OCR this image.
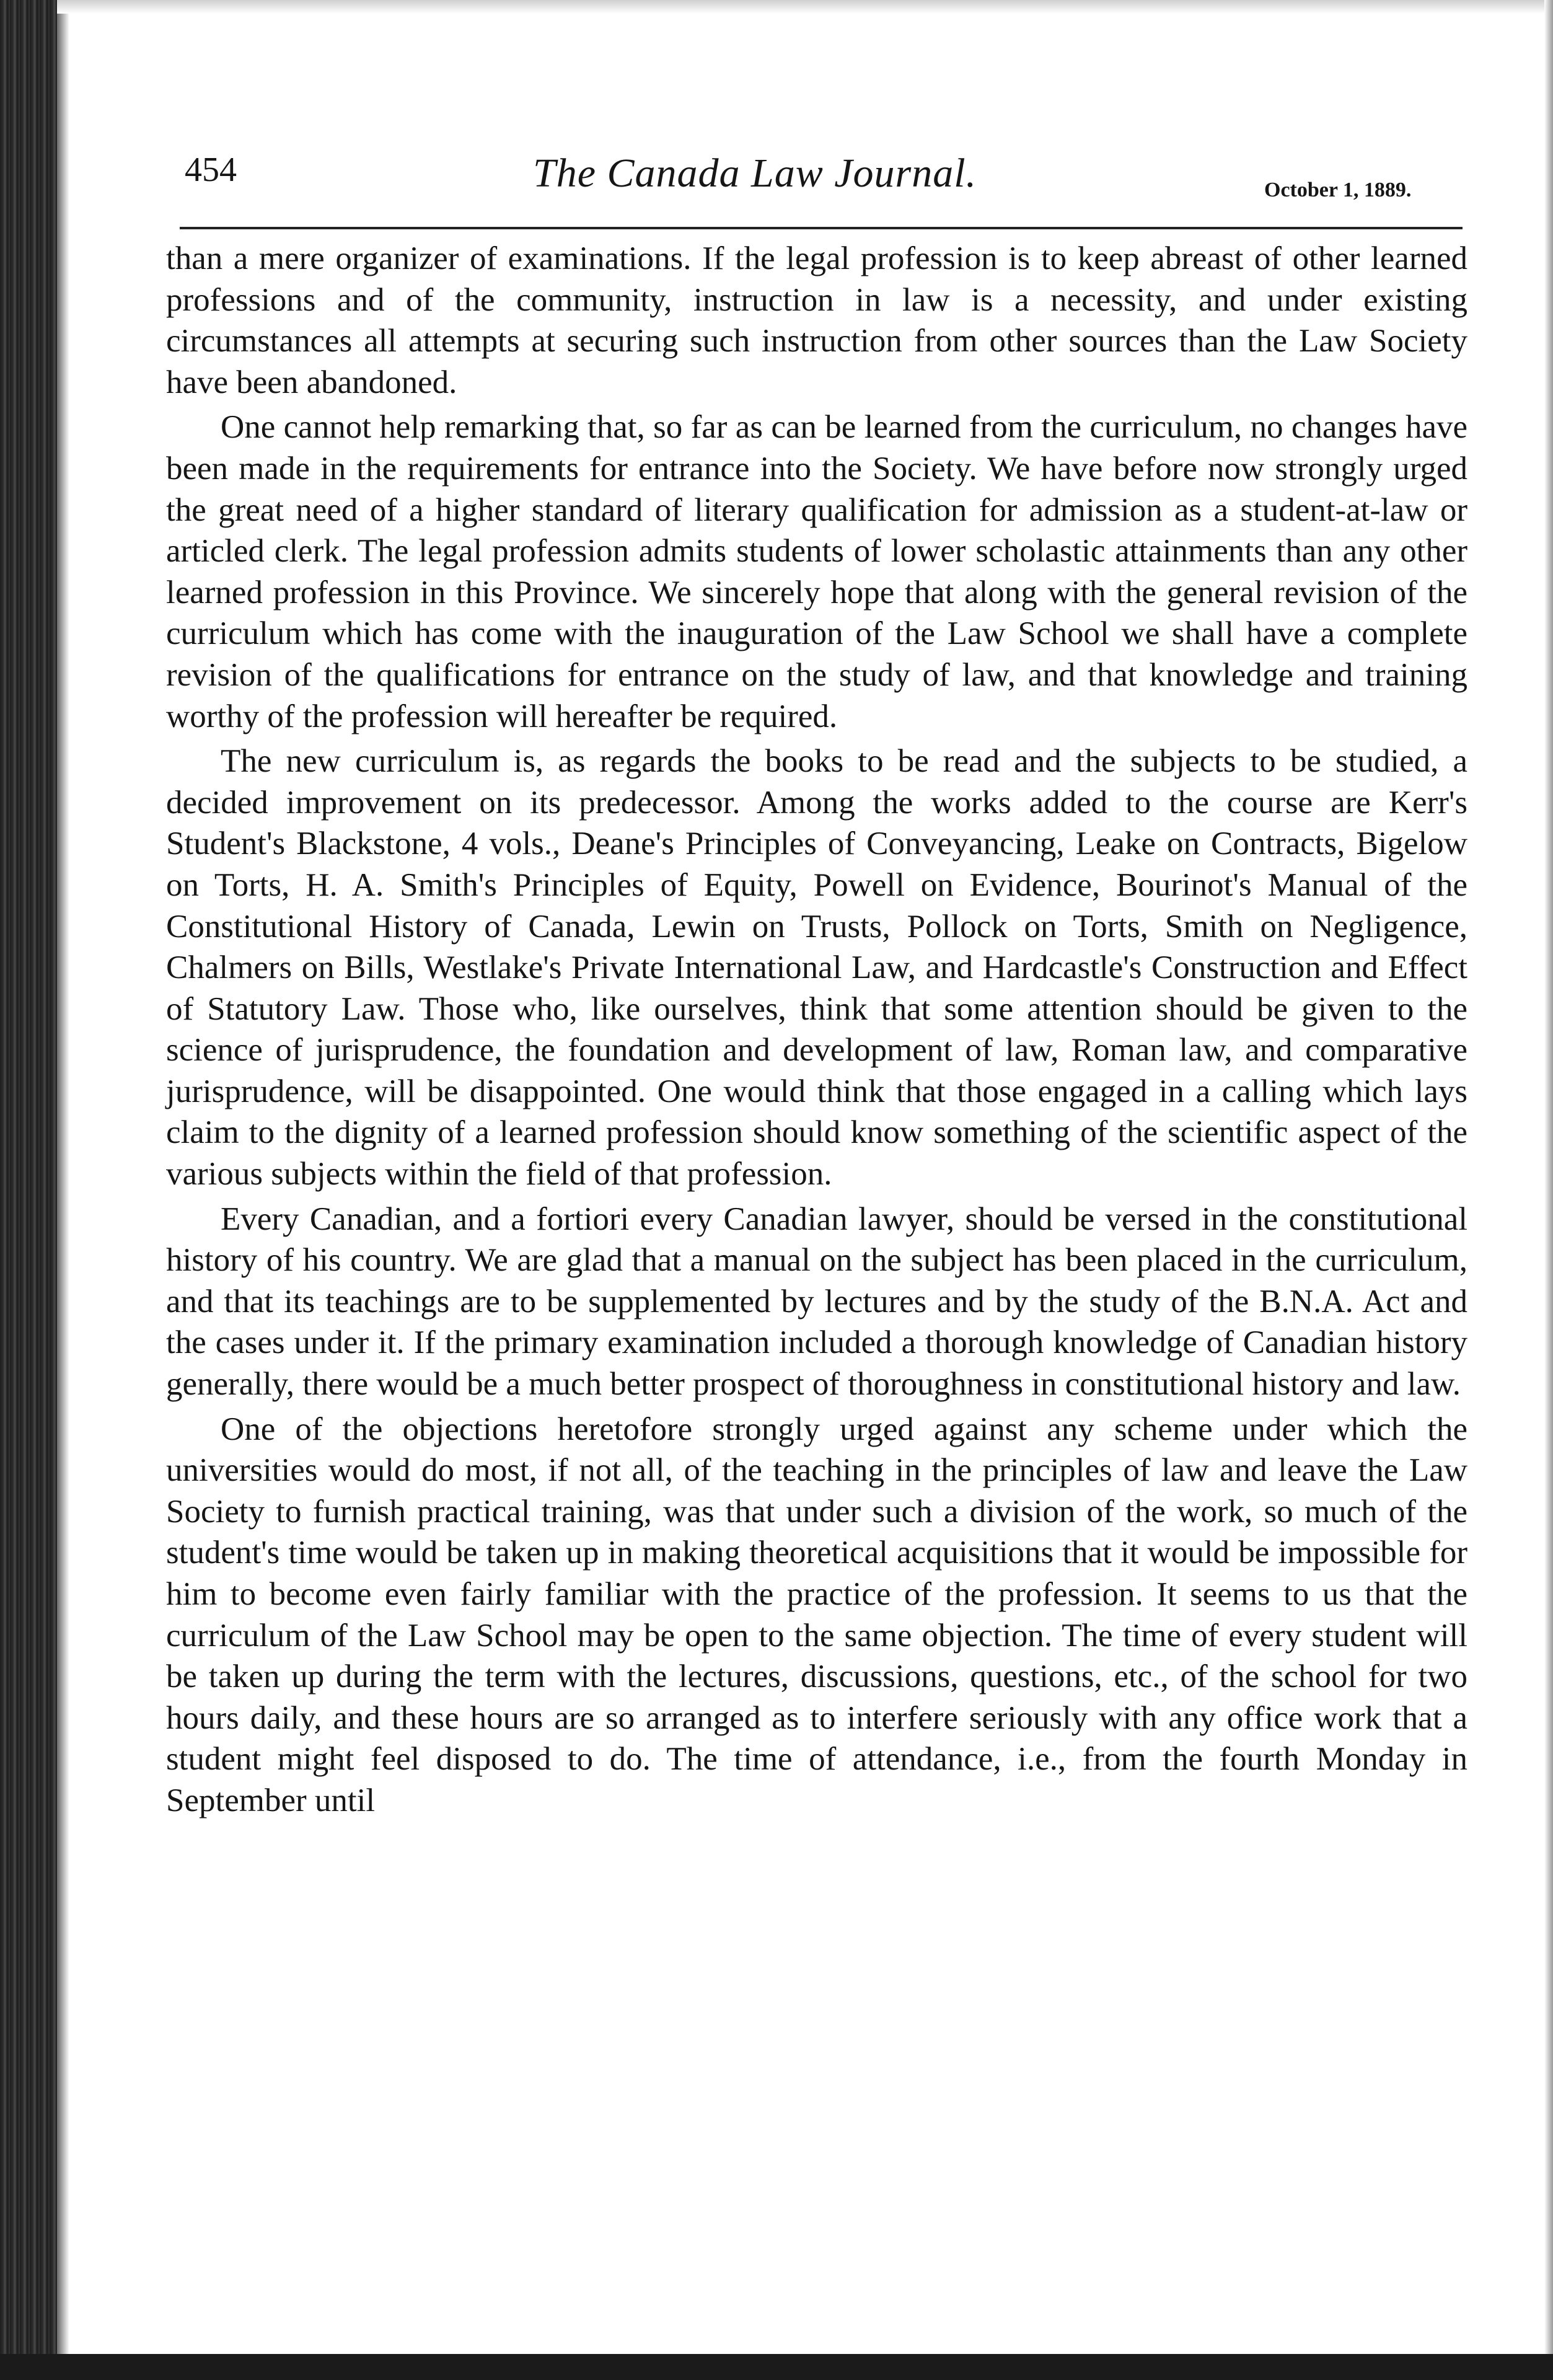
454	The Canada Law Journal.	October 1, 1889.

than a mere organizer of examinations. If the legal profession is to keep abreast of other learned professions and of the community, instruction in law is a necessity, and under existing circumstances all attempts at securing such instruction from other sources than the Law Society have been abandoned.

One cannot help remarking that, so far as can be learned from the curriculum, no changes have been made in the requirements for entrance into the Society. We have before now strongly urged the great need of a higher standard of literary qualification for admission as a student-at-law or articled clerk. The legal profession admits students of lower scholastic attainments than any other learned profession in this Province. We sincerely hope that along with the general revision of the curriculum which has come with the inauguration of the Law School we shall have a complete revision of the qualifications for entrance on the study of law, and that knowledge and training worthy of the profession will hereafter be required.

The new curriculum is, as regards the books to be read and the subjects to be studied, a decided improvement on its predecessor. Among the works added to the course are Kerr's Student's Blackstone, 4 vols., Deane's Principles of Conveyancing, Leake on Contracts, Bigelow on Torts, H. A. Smith's Principles of Equity, Powell on Evidence, Bourinot's Manual of the Constitutional History of Canada, Lewin on Trusts, Pollock on Torts, Smith on Negligence, Chalmers on Bills, Westlake's Private International Law, and Hardcastle's Construction and Effect of Statutory Law. Those who, like ourselves, think that some attention should be given to the science of jurisprudence, the foundation and development of law, Roman law, and comparative jurisprudence, will be disappointed. One would think that those engaged in a calling which lays claim to the dignity of a learned profession should know something of the scientific aspect of the various subjects within the field of that profession.

Every Canadian, and a fortiori every Canadian lawyer, should be versed in the constitutional history of his country. We are glad that a manual on the subject has been placed in the curriculum, and that its teachings are to be supplemented by lectures and by the study of the B.N.A. Act and the cases under it. If the primary examination included a thorough knowledge of Canadian history generally, there would be a much better prospect of thoroughness in constitutional history and law.

One of the objections heretofore strongly urged against any scheme under which the universities would do most, if not all, of the teaching in the principles of law and leave the Law Society to furnish practical training, was that under such a division of the work, so much of the student's time would be taken up in making theoretical acquisitions that it would be impossible for him to become even fairly familiar with the practice of the profession. It seems to us that the curriculum of the Law School may be open to the same objection. The time of every student will be taken up during the term with the lectures, discussions, questions, etc., of the school for two hours daily, and these hours are so arranged as to interfere seriously with any office work that a student might feel disposed to do. The time of attendance, i.e., from the fourth Monday in September until
